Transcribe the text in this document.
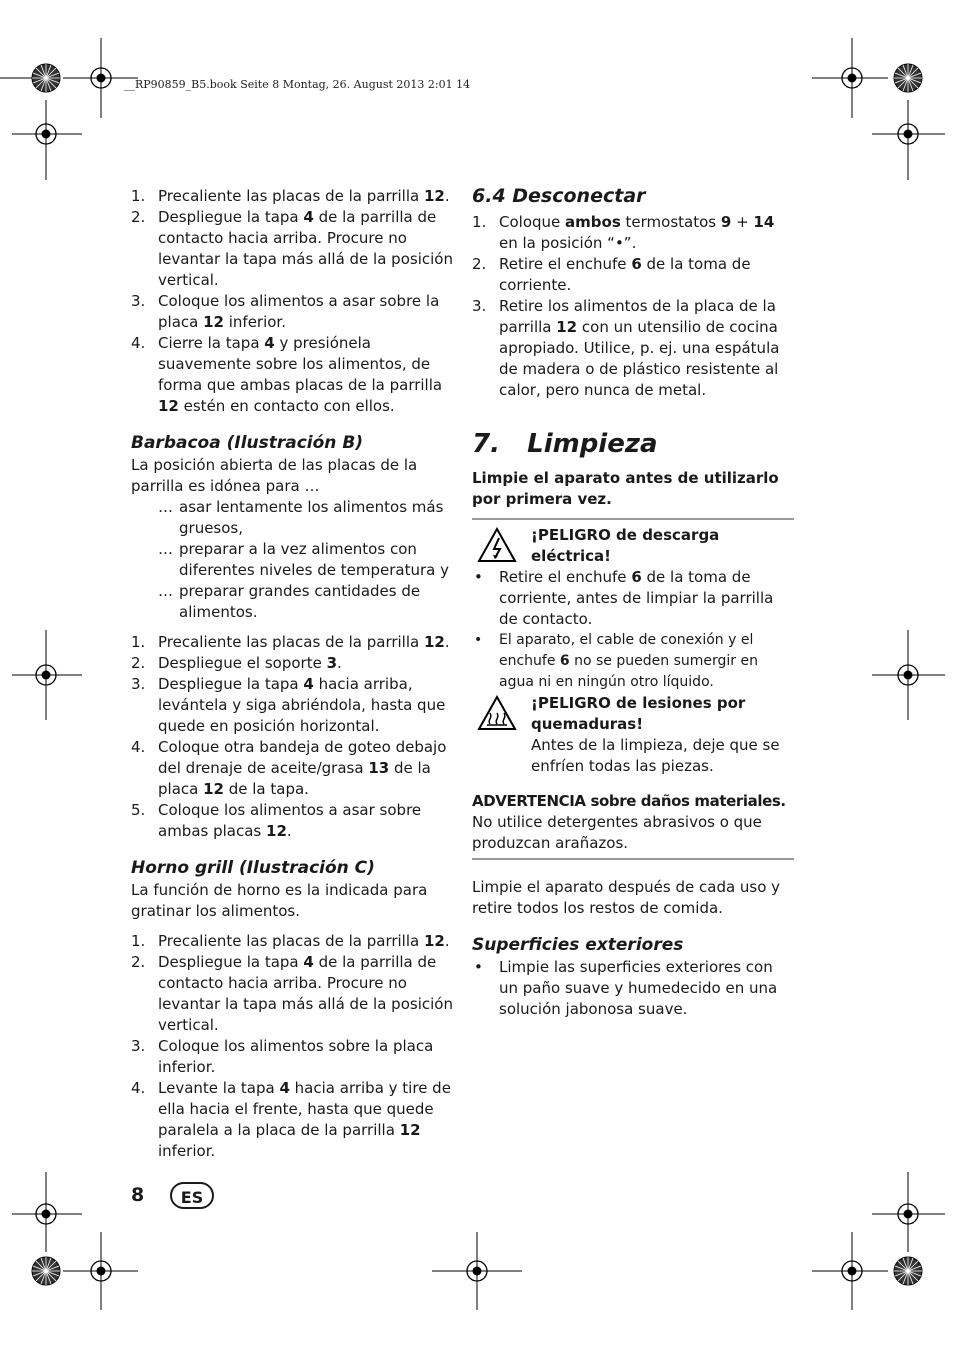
__RP90859_B5.book Seite 8 Montag, 26. August 2013 2:01 14
1. Precaliente las placas de la parrilla 12.
2. Despliegue la tapa 4 de la parrilla de contacto hacia arriba. Procure no levantar la tapa más allá de la posición vertical.
3. Coloque los alimentos a asar sobre la placa 12 inferior.
4. Cierre la tapa 4 y presiónela suavemente sobre los alimentos, de forma que ambas placas de la parrilla 12 estén en contacto con ellos.
Barbacoa (Ilustración B)

La posición abierta de las placas de la parrilla es idónea para …

… asar lentamente los alimentos más gruesos,
… preparar a la vez alimentos con diferentes niveles de temperatura y
… preparar grandes cantidades de alimentos.
1. Precaliente las placas de la parrilla 12.
2. Despliegue el soporte 3.
3. Despliegue la tapa 4 hacia arriba, levántela y siga abriéndola, hasta que quede en posición horizontal.
4. Coloque otra bandeja de goteo debajo del drenaje de aceite/grasa 13 de la placa 12 de la tapa.
5. Coloque los alimentos a asar sobre ambas placas 12.
Horno grill (Ilustración C)

La función de horno es la indicada para gratinar los alimentos.

1. Precaliente las placas de la parrilla 12.
2. Despliegue la tapa 4 de la parrilla de contacto hacia arriba. Procure no levantar la tapa más allá de la posición vertical.
3. Coloque los alimentos sobre la placa inferior.
4. Levante la tapa 4 hacia arriba y tire de ella hacia el frente, hasta que quede paralela a la placa de la parrilla 12 inferior.
6.4 Desconectar
1. Coloque ambos termostatos 9 + 14 en la posición “•”.
2. Retire el enchufe 6 de la toma de corriente.
3. Retire los alimentos de la placa de la parrilla 12 con un utensilio de cocina apropiado. Utilice, p. ej. una espátula de madera o de plástico resistente al calor, pero nunca de metal.
7.   Limpieza

Limpie el aparato antes de utilizarlo por primera vez.

¡PELIGRO de descarga eléctrica!
• Retire el enchufe 6 de la toma de corriente, antes de limpiar la parrilla de contacto.
• El aparato, el cable de conexión y el enchufe 6 no se pueden sumergir en agua ni en ningún otro líquido.
¡PELIGRO de lesiones por quemaduras!
Antes de la limpieza, deje que se enfríen todas las piezas.
ADVERTENCIA sobre daños materiales.
No utilice detergentes abrasivos o que produzcan arañazos.

Limpie el aparato después de cada uso y retire todos los restos de comida.

Superficies exteriores
• Limpie las superficies exteriores con un paño suave y humedecido en una solución jabonosa suave.
8	ES
